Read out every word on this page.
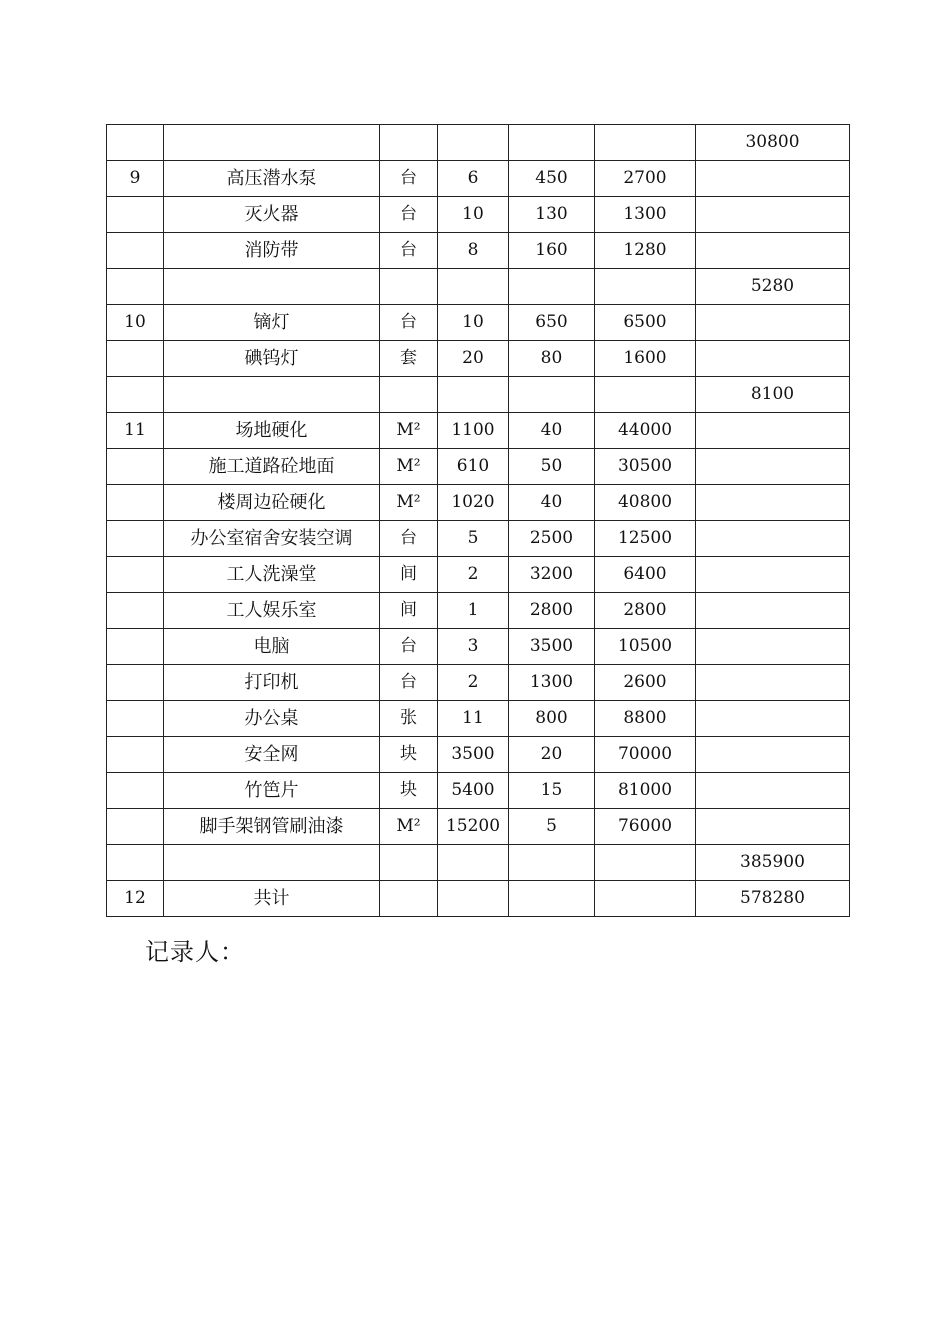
						30800
9	高压潜水泵	台	6	450	2700	
	灭火器	台	10	130	1300	
	消防带	台	8	160	1280	
						5280
10	镝灯	台	10	650	6500	
	碘钨灯	套	20	80	1600	
						8100
11	场地硬化	M²	1100	40	44000	
	施工道路砼地面	M²	610	50	30500	
	楼周边砼硬化	M²	1020	40	40800	
	办公室宿舍安装空调	台	5	2500	12500	
	工人洗澡堂	间	2	3200	6400	
	工人娱乐室	间	1	2800	2800	
	电脑	台	3	3500	10500	
	打印机	台	2	1300	2600	
	办公桌	张	11	800	8800	
	安全网	块	3500	20	70000	
	竹笆片	块	5400	15	81000	
	脚手架钢管刷油漆	M²	15200	5	76000	
						385900
12	共计					578280
记录人：
